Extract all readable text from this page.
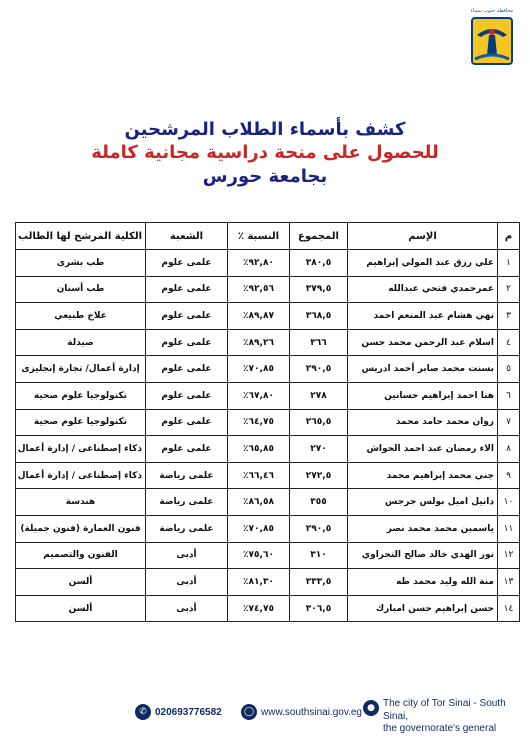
محافظة جنوب سيناء
كشف بأسماء الطلاب المرشحين
للحصول على منحة دراسية مجانية كاملة
بجامعة حورس
م	الإسم	المجموع	النسبة ٪	الشعبة	الكلية المرشح لها الطالب
١	علي رزق عبد المولي إبراهيم	٣٨٠,٥	٩٢,٨٠٪	علمى علوم	طب بشرى
٢	عمرحمدي فتحي عبدالله	٣٧٩,٥	٩٢,٥٦٪	علمى علوم	طب أسنان
٣	نهي هشام عبد المنعم احمد	٣٦٨,٥	٨٩,٨٧٪	علمى علوم	علاج طبيعي
٤	اسلام عبد الرحمن محمد حسن	٣٦٦	٨٩,٢٦٪	علمى علوم	صيدلة
٥	بسنت محمد صابر أحمد ادريس	٢٩٠,٥	٧٠,٨٥٪	علمى علوم	إدارة أعمال/ تجارة إنجليزى
٦	هنا احمد إبراهيم حسانين	٢٧٨	٦٧,٨٠٪	علمى علوم	تكنولوجيا علوم صحية
٧	روان محمد حامد محمد	٢٦٥,٥	٦٤,٧٥٪	علمى علوم	تكنولوجيا علوم صحية
٨	الاء رمضان عبد احمد الحواش	٢٧٠	٦٥,٨٥٪	علمى علوم	ذكاء إصطناعى / إدارة أعمال
٩	جني محمد إبراهيم محمد	٢٧٢,٥	٦٦,٤٦٪	علمى رياضة	ذكاء إصطناعى / إدارة أعمال
١٠	دانيل اميل بولس جرجس	٣٥٥	٨٦,٥٨٪	علمى رياضة	هندسة
١١	ياسمين محمد محمد نصر	٢٩٠,٥	٧٠,٨٥٪	علمى رياضة	فنون العمارة (فنون جميلة)
١٢	نور الهدي خالد صالح النحراوي	٣١٠	٧٥,٦٠٪	أدبى	الفنون والتصميم
١٣	منة الله وليد محمد طه	٣٣٣,٥	٨١,٣٠٪	أدبى	ألسن
١٤	حسن إبراهيم حسن امبارك	٣٠٦,٥	٧٤,٧٥٪	أدبى	ألسن
✆ 020693776582	◯ www.southsinai.gov.eg ● The city of Tor Sinai - South Sinai,
the governorate's general
